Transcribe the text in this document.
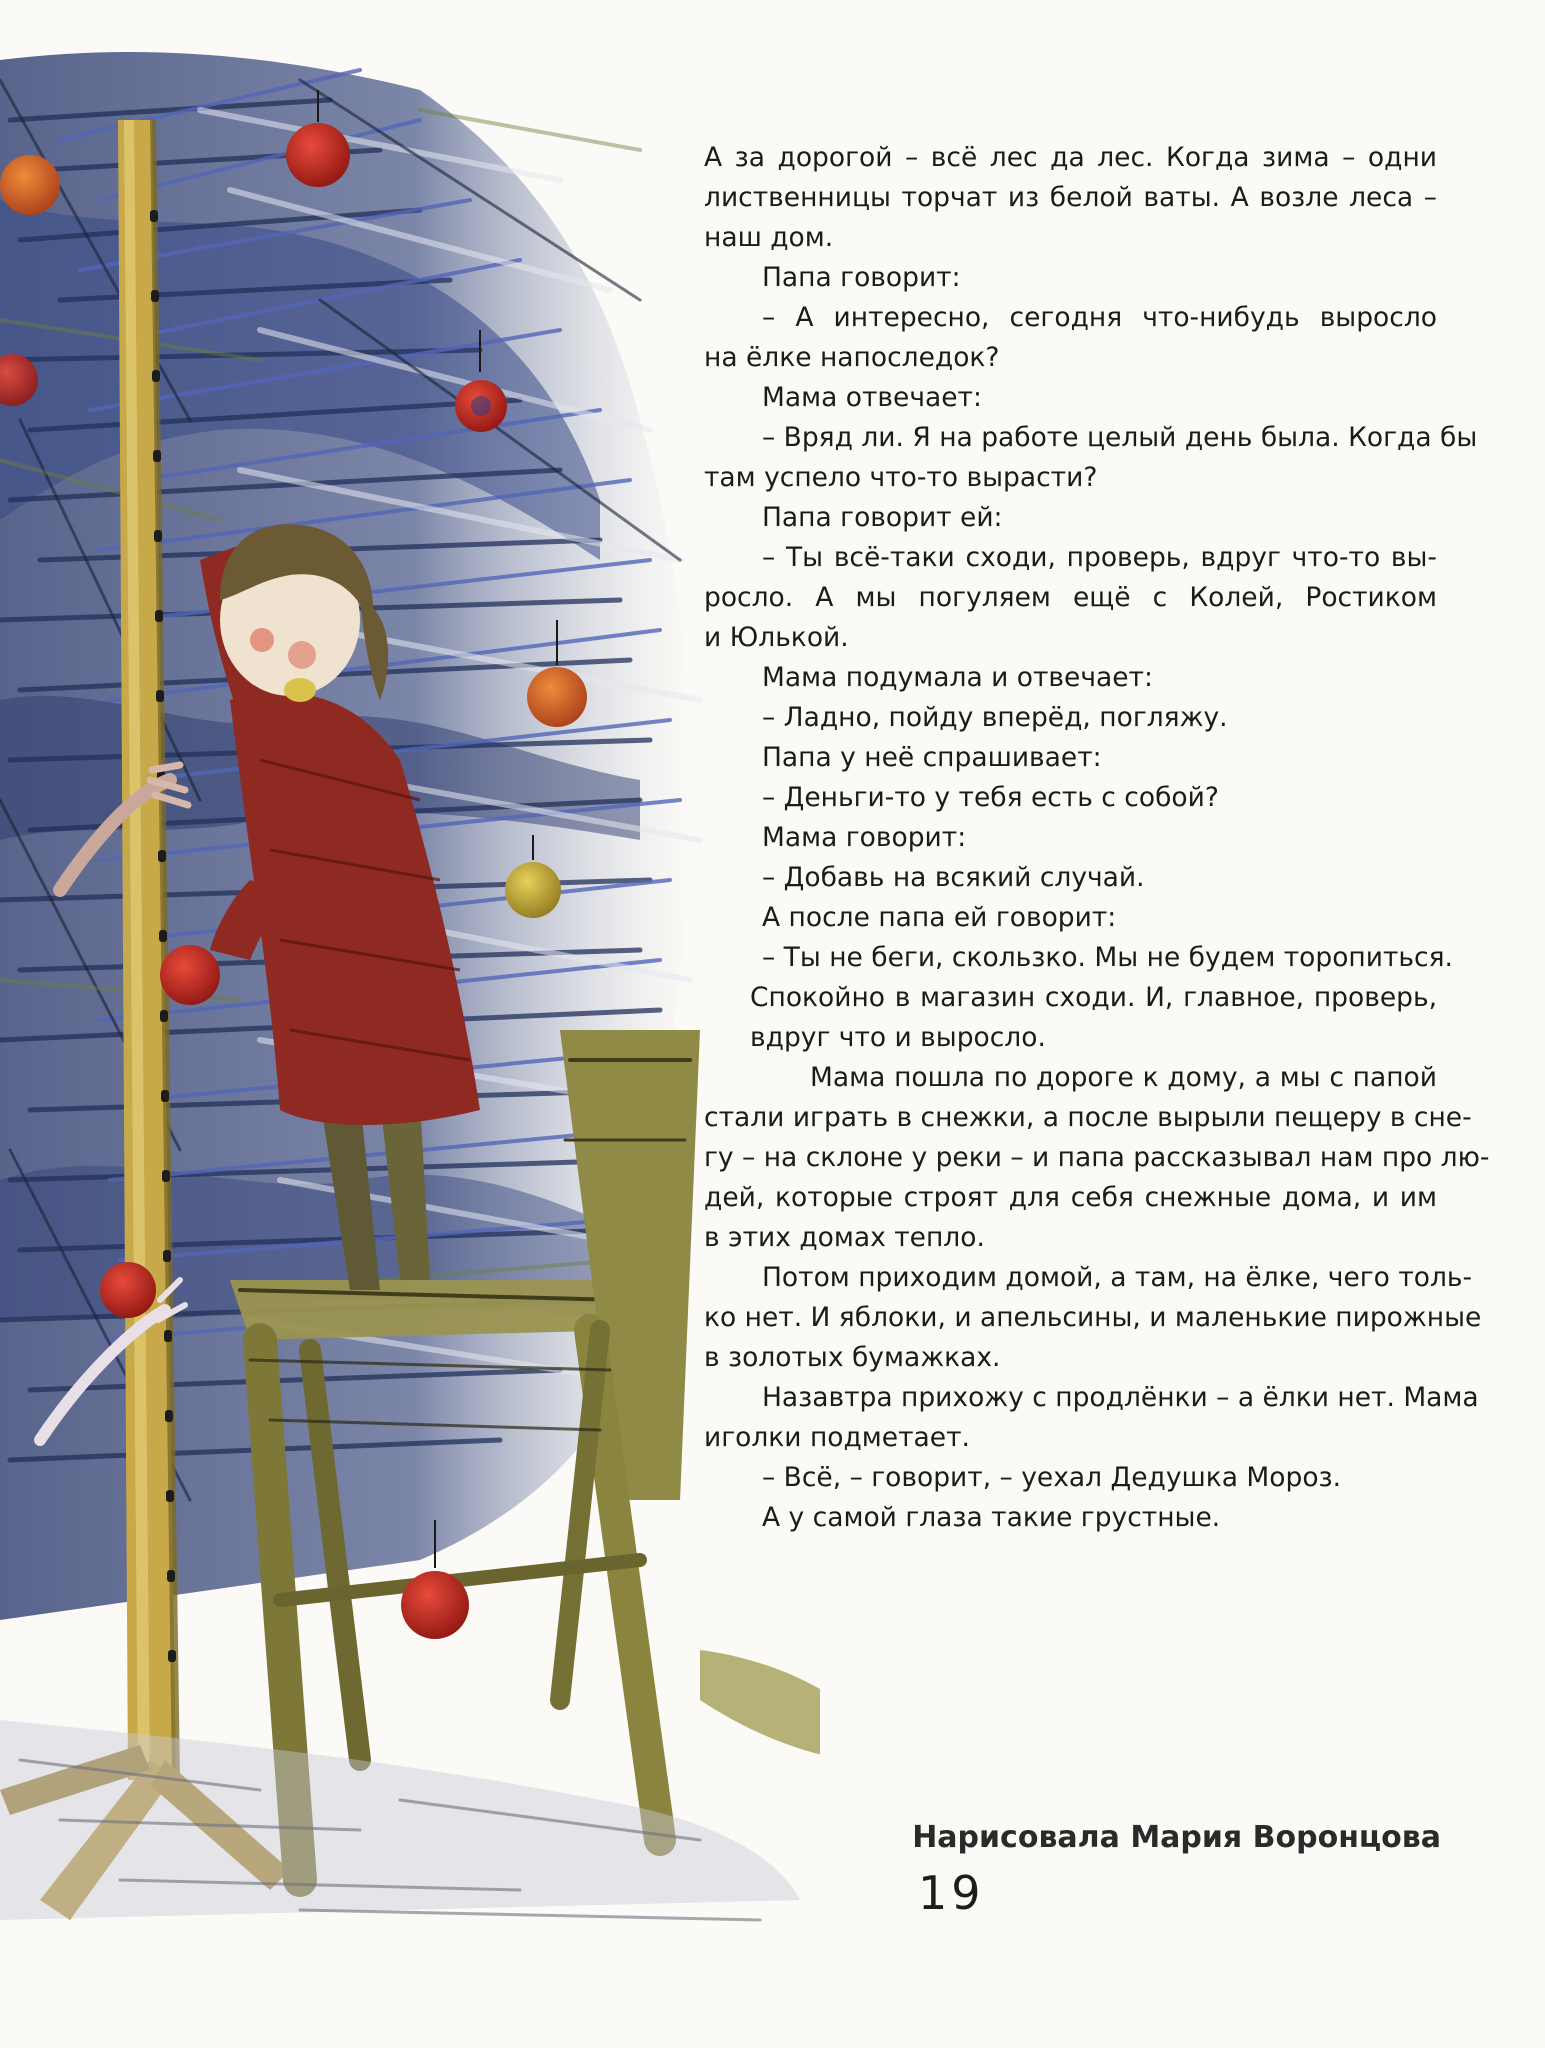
А за дорогой – всё лес да лес. Когда зима – одни
лиственницы торчат из белой ваты. А возле леса –
наш дом.
Папа говорит:
– А интересно, сегодня что-нибудь выросло
на ёлке напоследок?
Мама отвечает:
– Вряд ли. Я на работе целый день была. Когда бы
там успело что-то вырасти?
Папа говорит ей:
– Ты всё-таки сходи, проверь, вдруг что-то вы-
росло. А мы погуляем ещё с Колей, Ростиком
и Юлькой.
Мама подумала и отвечает:
– Ладно, пойду вперёд, погляжу.
Папа у неё спрашивает:
– Деньги-то у тебя есть с собой?
Мама говорит:
– Добавь на всякий случай.
А после папа ей говорит:
– Ты не беги, скользко. Мы не будем торопиться.
Спокойно в магазин сходи. И, главное, проверь,
вдруг что и выросло.
Мама пошла по дороге к дому, а мы с папой
стали играть в снежки, а после вырыли пещеру в сне-
гу – на склоне у реки – и папа рассказывал нам про лю-
дей, которые строят для себя снежные дома, и им
в этих домах тепло.
Потом приходим домой, а там, на ёлке, чего толь-
ко нет. И яблоки, и апельсины, и маленькие пирожные
в золотых бумажках.
Назавтра прихожу с продлёнки – а ёлки нет. Мама
иголки подметает.
– Всё, – говорит, – уехал Дедушка Мороз.
А у самой глаза такие грустные.
Нарисовала Мария Воронцова
19
